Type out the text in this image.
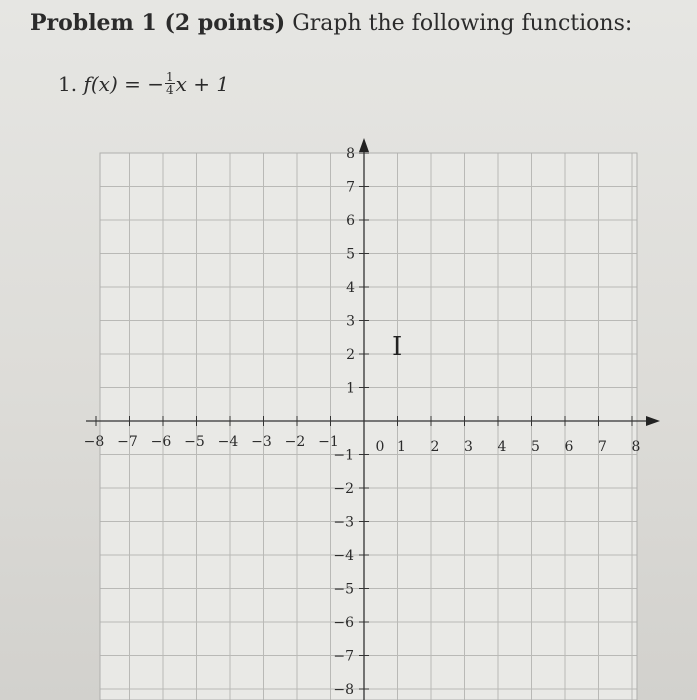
Problem 1 (2 points) Graph the following functions:
1. f(x) = − $\frac{1}{4}$ x + 1
−8 −7 −6 −5 −4 −3 −2 −1	0 1 2 3 4 5 6 7 8
1
2
3
4
5
6
7
8
−1
−2
−3
−4
−5
−6
−7
−8
I
